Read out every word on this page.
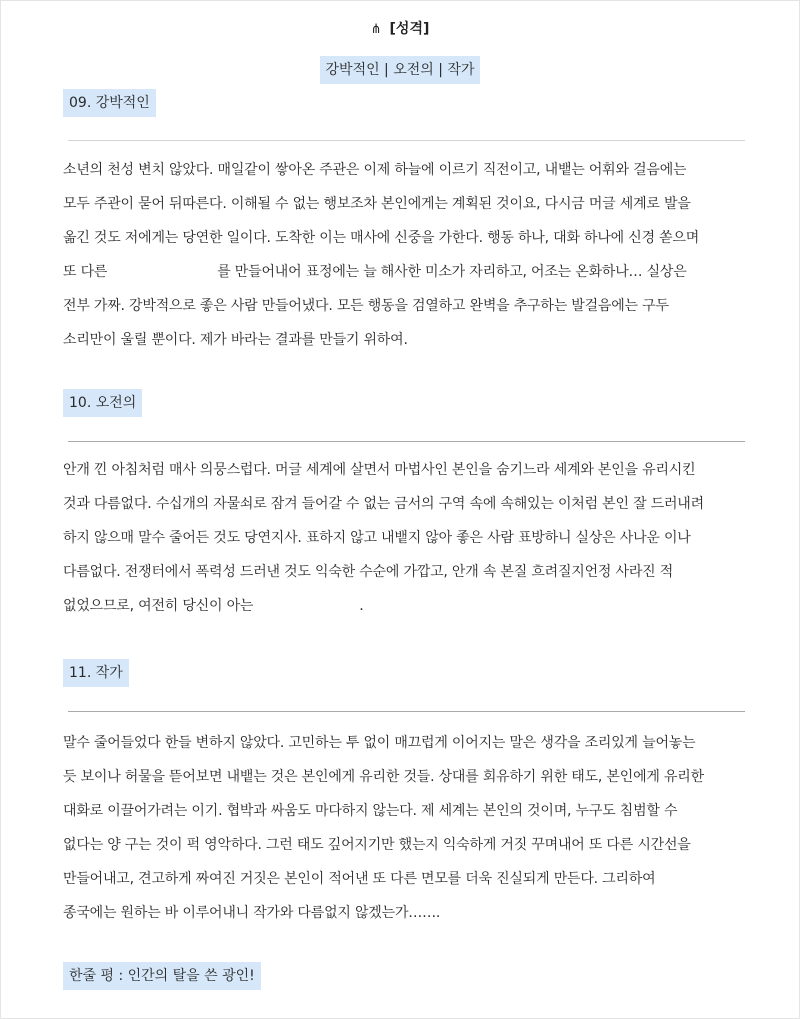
⋔ [성격]
강박적인 | 오전의 | 작가
09. 강박적인
소년의 천성 변치 않았다. 매일같이 쌓아온 주관은 이제 하늘에 이르기 직전이고, 내뱉는 어휘와 걸음에는
모두 주관이 묻어 뒤따른다. 이해될 수 없는 행보조차 본인에게는 계획된 것이요, 다시금 머글 세계로 발을
옮긴 것도 저에게는 당연한 일이다. 도착한 이는 매사에 신중을 가한다. 행동 하나, 대화 하나에 신경 쏟으며
또 다른	를 만들어내어 표정에는 늘 해사한 미소가 자리하고, 어조는 온화하나… 실상은
전부 가짜. 강박적으로 좋은 사람 만들어냈다. 모든 행동을 검열하고 완벽을 추구하는 발걸음에는 구두
소리만이 울릴 뿐이다. 제가 바라는 결과를 만들기 위하여.
10. 오전의
안개 낀 아침처럼 매사 의뭉스럽다. 머글 세계에 살면서 마법사인 본인을 숨기느라 세계와 본인을 유리시킨
것과 다름없다. 수십개의 자물쇠로 잠겨 들어갈 수 없는 금서의 구역 속에 속해있는 이처럼 본인 잘 드러내려
하지 않으매 말수 줄어든 것도 당연지사. 표하지 않고 내뱉지 않아 좋은 사람 표방하니 실상은 사나운 이나
다름없다. 전쟁터에서 폭력성 드러낸 것도 익숙한 수순에 가깝고, 안개 속 본질 흐려질지언정 사라진 적
없었으므로, 여전히 당신이 아는	.
11. 작가
말수 줄어들었다 한들 변하지 않았다. 고민하는 투 없이 매끄럽게 이어지는 말은 생각을 조리있게 늘어놓는
듯 보이나 허물을 뜯어보면 내뱉는 것은 본인에게 유리한 것들. 상대를 회유하기 위한 태도, 본인에게 유리한
대화로 이끌어가려는 이기. 협박과 싸움도 마다하지 않는다. 제 세계는 본인의 것이며, 누구도 침범할 수
없다는 양 구는 것이 퍽 영악하다. 그런 태도 깊어지기만 했는지 익숙하게 거짓 꾸며내어 또 다른 시간선을
만들어내고, 견고하게 짜여진 거짓은 본인이 적어낸 또 다른 면모를 더욱 진실되게 만든다. 그리하여
종국에는 원하는 바 이루어내니 작가와 다름없지 않겠는가…….
한줄 평 : 인간의 탈을 쓴 광인!
